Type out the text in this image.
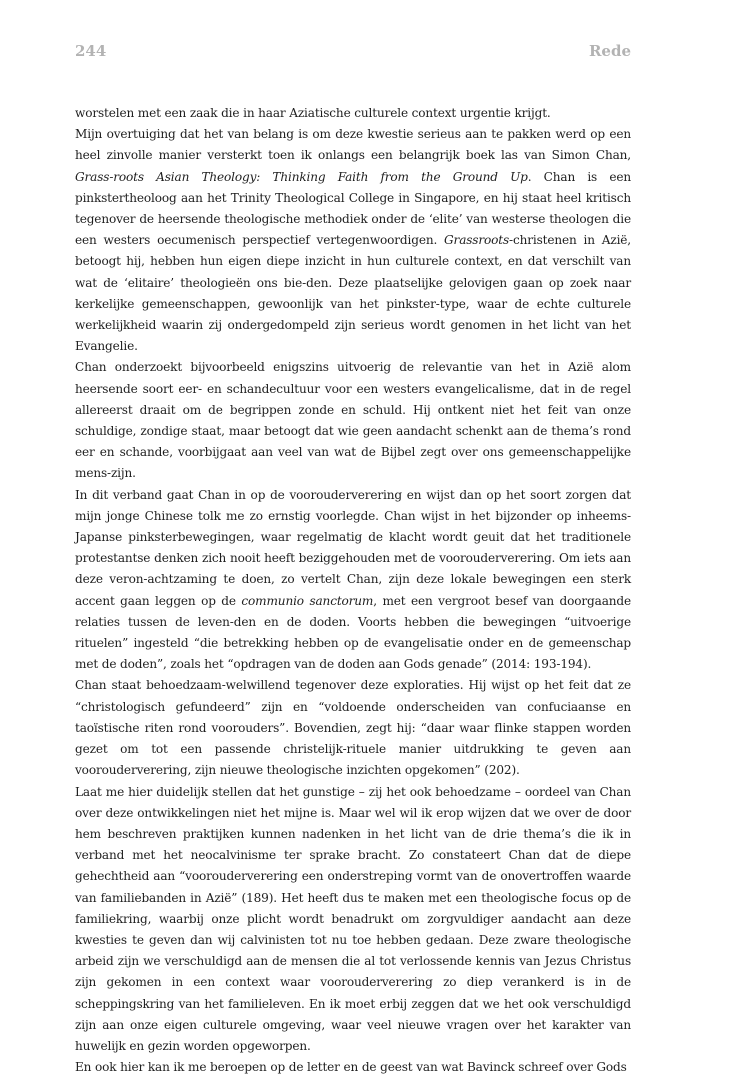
244	Rede

worstelen met een zaak die in haar Aziatische culturele context urgentie krijgt.

Mijn overtuiging dat het van belang is om deze kwestie serieus aan te pakken werd op een heel zinvolle manier versterkt toen ik onlangs een belangrijk boek las van Simon Chan, Grass-roots Asian Theology: Thinking Faith from the Ground Up. Chan is een pinkstertheoloog aan het Trinity Theological College in Singapore, en hij staat heel kritisch tegenover de heersende theologische methodiek onder de ‘elite’ van westerse theologen die een westers oecumenisch perspectief vertegenwoordigen. Grassroots-christenen in Azië, betoogt hij, hebben hun eigen diepe inzicht in hun culturele context, en dat verschilt van wat de ‘elitaire’ theologieën ons bie-den. Deze plaatselijke gelovigen gaan op zoek naar kerkelijke gemeenschappen, gewoonlijk van het pinkster-type, waar de echte culturele werkelijkheid waarin zij ondergedompeld zijn serieus wordt genomen in het licht van het Evangelie.

Chan onderzoekt bijvoorbeeld enigszins uitvoerig de relevantie van het in Azië alom heersende soort eer- en schandecultuur voor een westers evangelicalisme, dat in de regel allereerst draait om de begrippen zonde en schuld. Hij ontkent niet het feit van onze schuldige, zondige staat, maar betoogt dat wie geen aandacht schenkt aan de thema’s rond eer en schande, voorbijgaat aan veel van wat de Bijbel zegt over ons gemeenschappelijke mens-zijn.

In dit verband gaat Chan in op de voorouderverering en wijst dan op het soort zorgen dat mijn jonge Chinese tolk me zo ernstig voorlegde. Chan wijst in het bijzonder op inheems-Japanse pinksterbewegingen, waar regelmatig de klacht wordt geuit dat het traditionele protestantse denken zich nooit heeft beziggehouden met de voorouderverering. Om iets aan deze veron-achtzaming te doen, zo vertelt Chan, zijn deze lokale bewegingen een sterk accent gaan leggen op de communio sanctorum, met een vergroot besef van doorgaande relaties tussen de leven-den en de doden. Voorts hebben die bewegingen “uitvoerige rituelen” ingesteld “die betrekking hebben op de evangelisatie onder en de gemeenschap met de doden”, zoals het “opdragen van de doden aan Gods genade” (2014: 193-194).

Chan staat behoedzaam-welwillend tegenover deze exploraties. Hij wijst op het feit dat ze “christologisch gefundeerd” zijn en “voldoende onderscheiden van confuciaanse en taoïstische riten rond voorouders”. Bovendien, zegt hij: “daar waar flinke stappen worden gezet om tot een passende christelijk-rituele manier uitdrukking te geven aan voorouderverering, zijn nieuwe theologische inzichten opgekomen” (202).

Laat me hier duidelijk stellen dat het gunstige – zij het ook behoedzame – oordeel van Chan over deze ontwikkelingen niet het mijne is. Maar wel wil ik erop wijzen dat we over de door hem beschreven praktijken kunnen nadenken in het licht van de drie thema’s die ik in verband met het neocalvinisme ter sprake bracht. Zo constateert Chan dat de diepe gehechtheid aan “voorouderverering een onderstreping vormt van de onovertroffen waarde van familiebanden in Azië” (189). Het heeft dus te maken met een theologische focus op de familiekring, waarbij onze plicht wordt benadrukt om zorgvuldiger aandacht aan deze kwesties te geven dan wij calvinisten tot nu toe hebben gedaan. Deze zware theologische arbeid zijn we verschuldigd aan de mensen die al tot verlossende kennis van Jezus Christus zijn gekomen in een context waar voorouderverering zo diep verankerd is in de scheppingskring van het familieleven. En ik moet erbij zeggen dat we het ook verschuldigd zijn aan onze eigen culturele omgeving, waar veel nieuwe vragen over het karakter van huwelijk en gezin worden opgeworpen.

En ook hier kan ik me beroepen op de letter en de geest van wat Bavinck schreef over Gods
